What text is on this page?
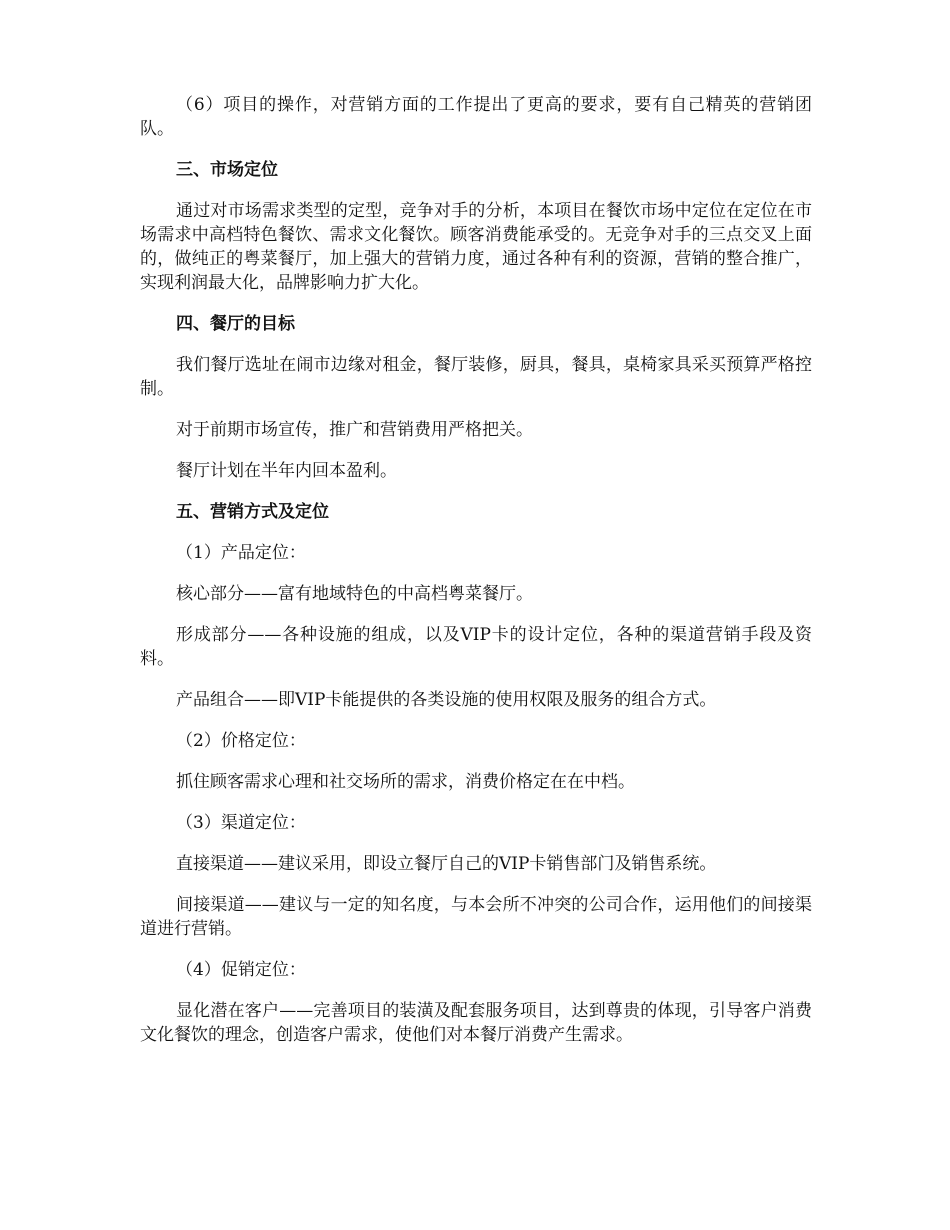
（6）项目的操作，对营销方面的工作提出了更高的要求，要有自己精英的营销团队。

三、市场定位

通过对市场需求类型的定型，竞争对手的分析，本项目在餐饮市场中定位在定位在市场需求中高档特色餐饮、需求文化餐饮。顾客消费能承受的。无竞争对手的三点交叉上面的，做纯正的粤菜餐厅，加上强大的营销力度，通过各种有利的资源，营销的整合推广，实现利润最大化，品牌影响力扩大化。

四、餐厅的目标

我们餐厅选址在闹市边缘对租金，餐厅装修，厨具，餐具，桌椅家具采买预算严格控制。

对于前期市场宣传，推广和营销费用严格把关。

餐厅计划在半年内回本盈利。

五、营销方式及定位

（1）产品定位：

核心部分——富有地域特色的中高档粤菜餐厅。

形成部分——各种设施的组成，以及VIP卡的设计定位，各种的渠道营销手段及资料。

产品组合——即VIP卡能提供的各类设施的使用权限及服务的组合方式。

（2）价格定位：

抓住顾客需求心理和社交场所的需求，消费价格定在在中档。

（3）渠道定位：

直接渠道——建议采用，即设立餐厅自己的VIP卡销售部门及销售系统。

间接渠道——建议与一定的知名度，与本会所不冲突的公司合作，运用他们的间接渠道进行营销。

（4）促销定位：

显化潜在客户——完善项目的装潢及配套服务项目，达到尊贵的体现，引导客户消费文化餐饮的理念，创造客户需求，使他们对本餐厅消费产生需求。
